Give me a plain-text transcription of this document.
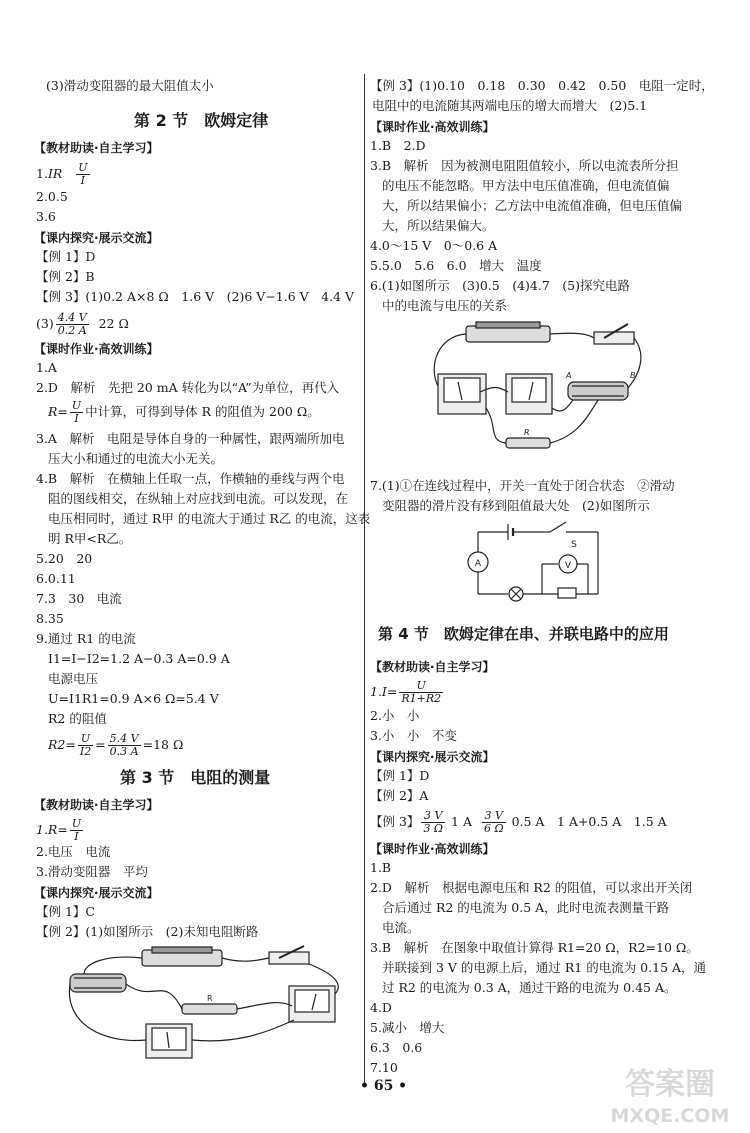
(3)滑动变阻器的最大阻值太小
第 2 节　欧姆定律
【教材助读·自主学习】
$1.IR \frac{U}{I}$
2.0.5
3.6
【课内探究·展示交流】
【例 1】D
【例 2】B
【例 3】(1)0.2 A×8 Ω　1.6 V　(2)6 V−1.6 V　4.4 V
$(3) \frac{4.4 V}{0.2 A} 22$ Ω
【课时作业·高效训练】
1.A
2.D　解析　先把 20 mA 转化为以“A”为单位，再代入
$R= \frac{U}{I}$ 中计算，可得到导体 R 的阻值为 200 Ω。
3.A　解析　电阻是导体自身的一种属性，跟两端所加电
压大小和通过的电流大小无关。
4.B　解析　在横轴上任取一点，作横轴的垂线与两个电
阻的图线相交，在纵轴上对应找到电流。可以发现，在
电压相同时，通过 R甲 的电流大于通过 R乙 的电流，这表
明 R甲<R乙。
5.20　20
6.0.11
7.3　30　电流
8.35
9.通过 R1 的电流
I1=I−I2=1.2 A−0.3 A=0.9 A
电源电压
U=I1R1=0.9 A×6 Ω=5.4 V
R2 的阻值
$R2= \frac{U}{I2} = \frac{5.4 V}{0.3 A} =18$ Ω
第 3 节　电阻的测量
【教材助读·自主学习】
$1.R= \frac{U}{I}$
2.电压　电流
3.滑动变阻器　平均
【课内探究·展示交流】
【例 1】C
【例 2】(1)如图所示　(2)未知电阻断路
R
【例 3】(1)0.10　0.18　0.30　0.42　0.50　电阻一定时，
电阻中的电流随其两端电压的增大而增大　(2)5.1
【课时作业·高效训练】
1.B　2.D
3.B　解析　因为被测电阻阻值较小，所以电流表所分担
的电压不能忽略。甲方法中电压值准确，但电流值偏
大，所以结果偏小；乙方法中电流值准确，但电压值偏
大，所以结果偏大。
4.0～15 V　0～0.6 A
5.5.0　5.6　6.0　增大　温度
6.(1)如图所示　(3)0.5　(4)4.7　(5)探究电路
中的电流与电压的关系
A	B
R
7.(1)①在连线过程中，开关一直处于闭合状态　②滑动
变阻器的滑片没有移到阻值最大处　(2)如图所示
A	V
S
第 4 节　欧姆定律在串、并联电路中的应用
【教材助读·自主学习】
$1.I= \frac{U}{R1+R2}$
2.小　小
3.小　小　不变
【课内探究·展示交流】
【例 1】D
【例 2】A
【例 3】 $\frac{3 V}{3 \Omega} 1$ A $\frac{3 V}{6 \Omega} 0.5$ A　1 A+0.5 A　1.5 A
【课时作业·高效训练】
1.B
2.D　解析　根据电源电压和 R2 的阻值，可以求出开关闭
合后通过 R2 的电流为 0.5 A，此时电流表测量干路
电流。
3.B　解析　在图象中取值计算得 R1=20 Ω，R2=10 Ω。
并联接到 3 V 的电源上后，通过 R1 的电流为 0.15 A，通
过 R2 的电流为 0.3 A，通过干路的电流为 0.45 A。
4.D
5.减小　增大
6.3　0.6
7.10
• 65 •	答案圈
MXQE.COM
